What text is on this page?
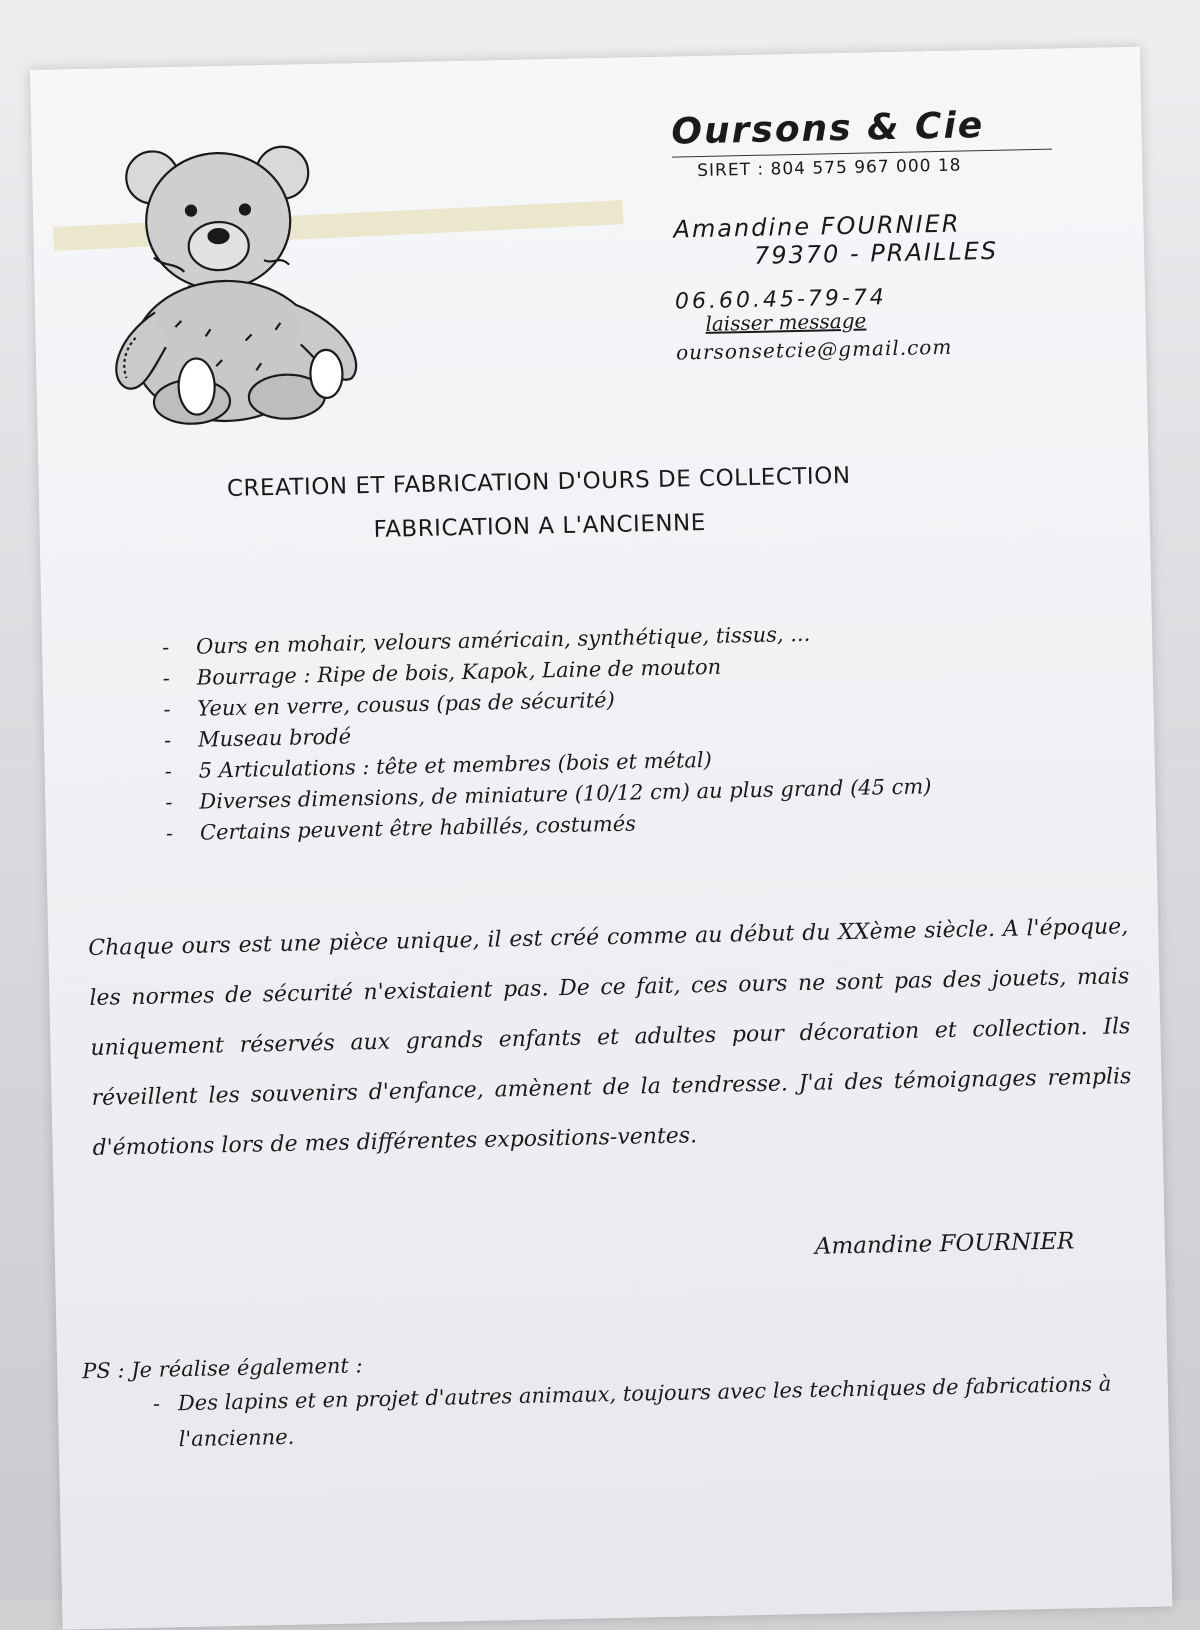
Oursons & Cie

SIRET : 804 575 967 000 18

Amandine FOURNIER

79370 - PRAILLES

06.60.45-79-74

laisser message

oursonsetcie@gmail.com

CREATION ET FABRICATION D'OURS DE COLLECTION

FABRICATION A L'ANCIENNE

- Ours en mohair, velours américain, synthétique, tissus, ...
- Bourrage : Ripe de bois, Kapok, Laine de mouton
- Yeux en verre, cousus (pas de sécurité)
- Museau brodé
- 5 Articulations : tête et membres (bois et métal)
- Diverses dimensions, de miniature (10/12 cm) au plus grand (45 cm)
- Certains peuvent être habillés, costumés

Chaque ours est une pièce unique, il est créé comme au début du XXème siècle. A l'époque, les normes de sécurité n'existaient pas. De ce fait, ces ours ne sont pas des jouets, mais uniquement réservés aux grands enfants et adultes pour décoration et collection. Ils réveillent les souvenirs d'enfance, amènent de la tendresse. J'ai des témoignages remplis d'émotions lors de mes différentes expositions-ventes.

Amandine FOURNIER

PS : Je réalise également :

- Des lapins et en projet d'autres animaux, toujours avec les techniques de fabrications à l'ancienne.
